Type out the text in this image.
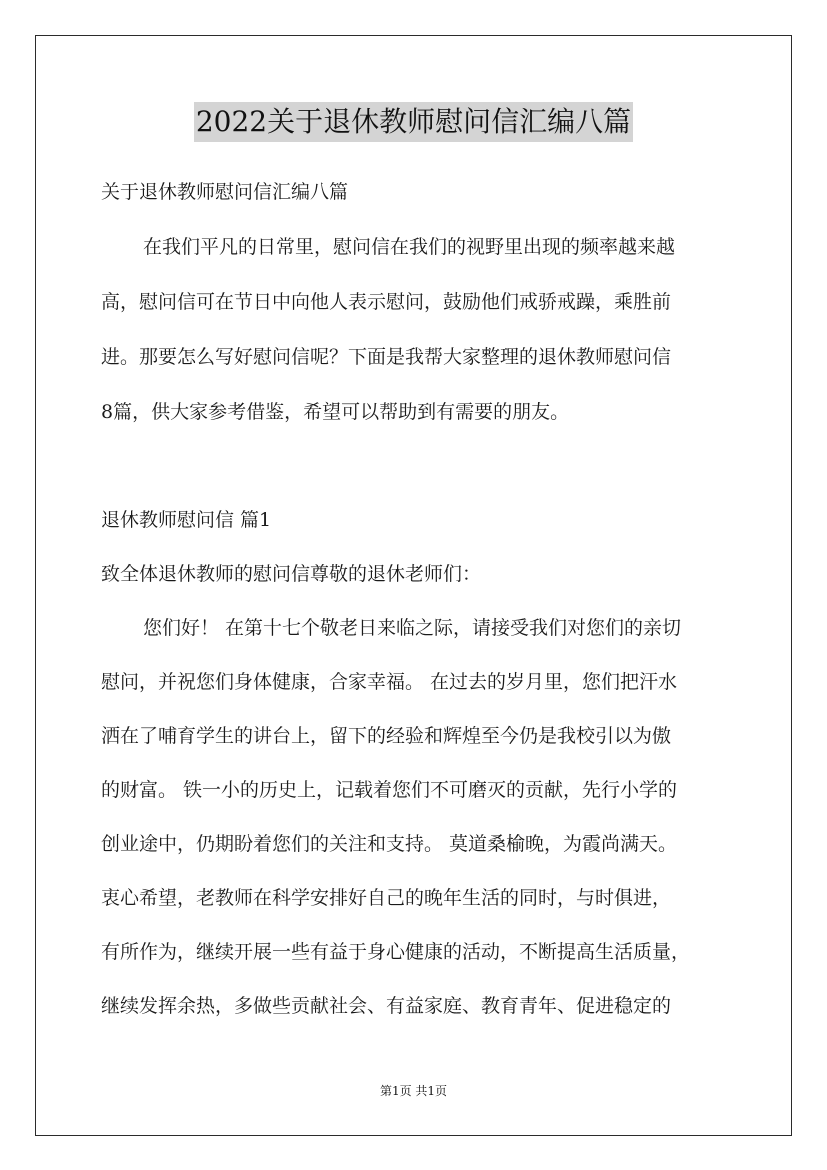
2022关于退休教师慰问信汇编八篇
关于退休教师慰问信汇编八篇
在我们平凡的日常里，慰问信在我们的视野里出现的频率越来越
高，慰问信可在节日中向他人表示慰问，鼓励他们戒骄戒躁，乘胜前
进。那要怎么写好慰问信呢？下面是我帮大家整理的退休教师慰问信
8篇，供大家参考借鉴，希望可以帮助到有需要的朋友。
退休教师慰问信 篇1
致全体退休教师的慰问信尊敬的退休老师们：
您们好！ 在第十七个敬老日来临之际，请接受我们对您们的亲切
慰问，并祝您们身体健康，合家幸福。 在过去的岁月里，您们把汗水
洒在了哺育学生的讲台上，留下的经验和辉煌至今仍是我校引以为傲
的财富。 铁一小的历史上，记载着您们不可磨灭的贡献，先行小学的
创业途中，仍期盼着您们的关注和支持。 莫道桑榆晚，为霞尚满天。
衷心希望，老教师在科学安排好自己的晚年生活的同时，与时俱进，
有所作为，继续开展一些有益于身心健康的活动，不断提高生活质量，
继续发挥余热，多做些贡献社会、有益家庭、教育青年、促进稳定的
第1页 共1页
